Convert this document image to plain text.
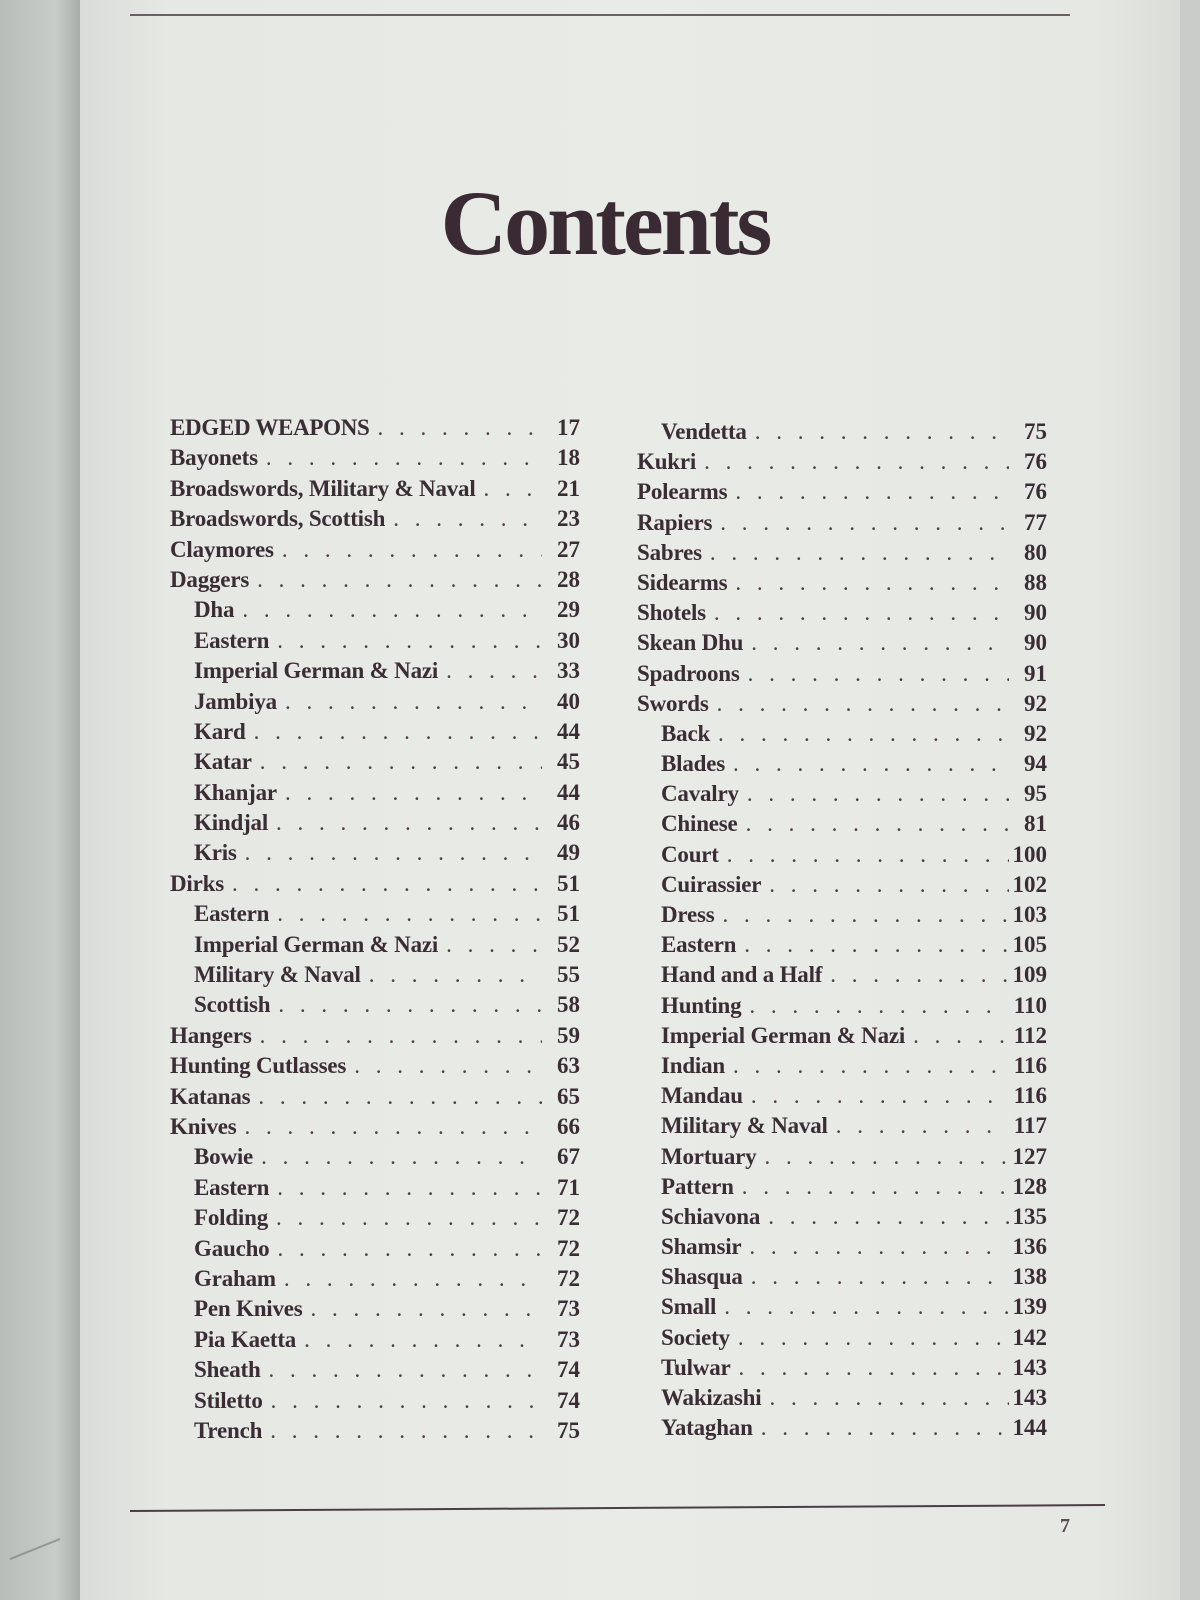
Contents
EDGED WEAPONS . . .	17
Bayonets . . .	18
Broadswords, Military & Naval . . .	21
Broadswords, Scottish . . .	23
Claymores . . .	27
Daggers . . .	28
Dha . . .	29
Eastern . . .	30
Imperial German & Nazi . . .	33
Jambiya . . .	40
Kard . . .	44
Katar . . .	45
Khanjar . . .	44
Kindjal . . .	46
Kris . . .	49
Dirks . . .	51
Eastern . . .	51
Imperial German & Nazi . . .	52
Military & Naval . . .	55
Scottish . . .	58
Hangers . . .	59
Hunting Cutlasses . . .	63
Katanas . . .	65
Knives . . .	66
Bowie . . .	67
Eastern . . .	71
Folding . . .	72
Gaucho . . .	72
Graham . . .	72
Pen Knives . . .	73
Pia Kaetta . . .	73
Sheath . . .	74
Stiletto . . .	74
Trench . . .	75
Vendetta . . .	75
Kukri . . .	76
Polearms . . .	76
Rapiers . . .	77
Sabres . . .	80
Sidearms . . .	88
Shotels . . .	90
Skean Dhu . . .	90
Spadroons . . .	91
Swords . . .	92
Back . . .	92
Blades . . .	94
Cavalry . . .	95
Chinese . . .	81
Court . . .	100
Cuirassier . . .	102
Dress . . .	103
Eastern . . .	105
Hand and a Half . . .	109
Hunting . . .	110
Imperial German & Nazi . . .	112
Indian . . .	116
Mandau . . .	116
Military & Naval . . .	117
Mortuary . . .	127
Pattern . . .	128
Schiavona . . .	135
Shamsir . . .	136
Shasqua . . .	138
Small . . .	139
Society . . .	142
Tulwar . . .	143
Wakizashi . . .	143
Yataghan . . .	144
7
